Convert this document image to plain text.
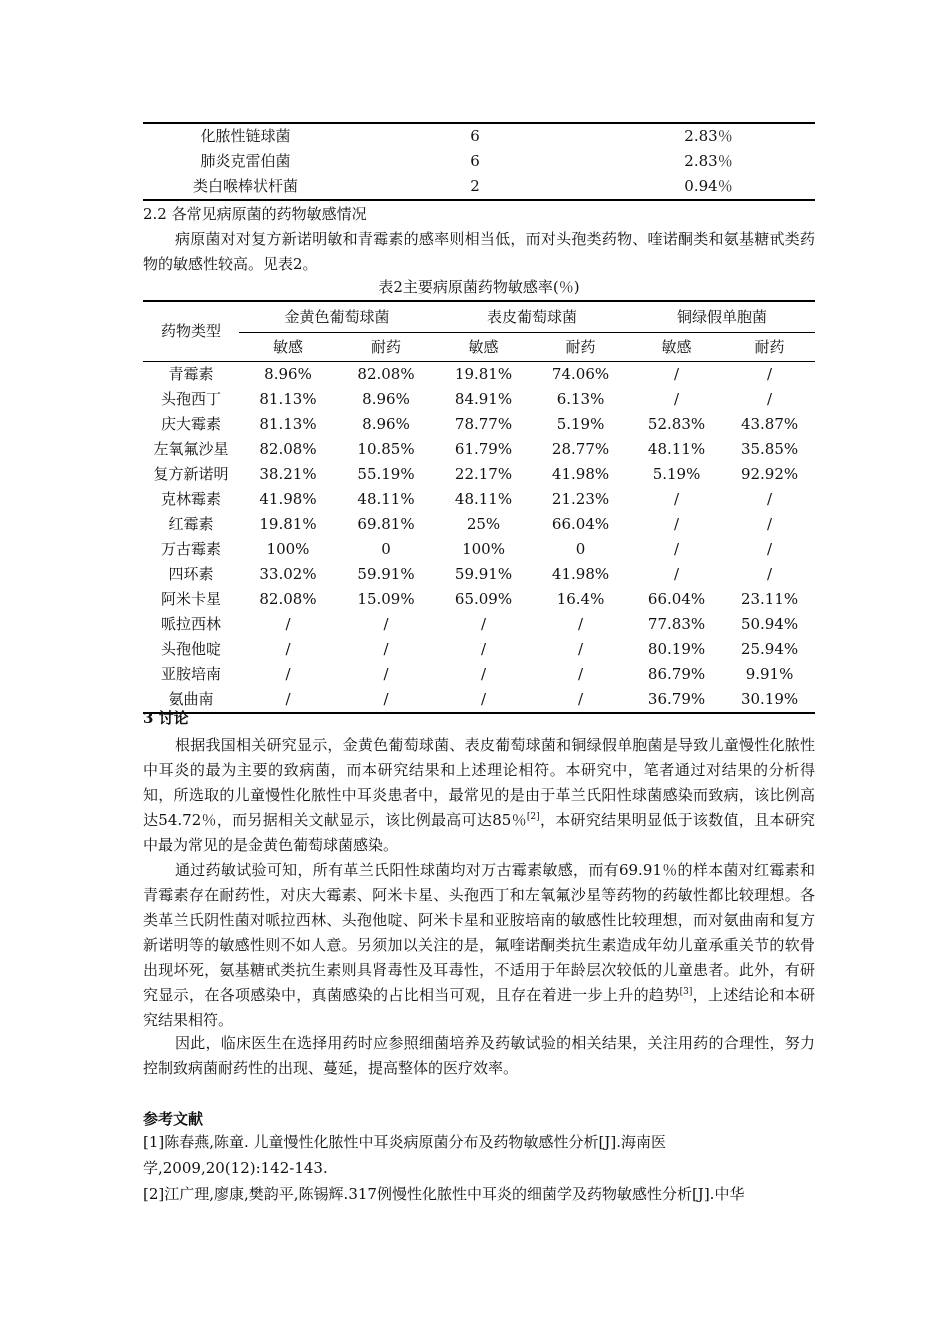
化脓性链球菌	6	2.83％
肺炎克雷伯菌	6	2.83％
类白喉棒状杆菌	2	0.94％
2.2 各常见病原菌的药物敏感情况
病原菌对对复方新诺明敏和青霉素的感率则相当低，而对头孢类药物、喹诺酮类和氨基糖甙类药物的敏感性较高。见表2。
表2主要病原菌药物敏感率(％)
药物类型	金黄色葡萄球菌		表皮葡萄球菌		铜绿假单胞菌	
	敏感	耐药	敏感	耐药	敏感	耐药
青霉素	8.96%	82.08%	19.81%	74.06%	/	/
头孢西丁	81.13%	8.96%	84.91%	6.13%	/	/
庆大霉素	81.13%	8.96%	78.77%	5.19%	52.83%	43.87%
左氧氟沙星	82.08%	10.85%	61.79%	28.77%	48.11%	35.85%
复方新诺明	38.21%	55.19%	22.17%	41.98%	5.19%	92.92%
克林霉素	41.98%	48.11%	48.11%	21.23%	/	/
红霉素	19.81%	69.81%	25%	66.04%	/	/
万古霉素	100%	0	100%	0	/	/
四环素	33.02%	59.91%	59.91%	41.98%	/	/
阿米卡星	82.08%	15.09%	65.09%	16.4%	66.04%	23.11%
哌拉西林	/	/	/	/	77.83%	50.94%
头孢他啶	/	/	/	/	80.19%	25.94%
亚胺培南	/	/	/	/	86.79%	9.91%
氨曲南	/	/	/	/	36.79%	30.19%
3 讨论
根据我国相关研究显示，金黄色葡萄球菌、表皮葡萄球菌和铜绿假单胞菌是导致儿童慢性化脓性中耳炎的最为主要的致病菌，而本研究结果和上述理论相符。本研究中，笔者通过对结果的分析得知，所选取的儿童慢性化脓性中耳炎患者中，最常见的是由于革兰氏阳性球菌感染而致病，该比例高达54.72％，而另据相关文献显示，该比例最高可达85％[2]，本研究结果明显低于该数值，且本研究中最为常见的是金黄色葡萄球菌感染。
通过药敏试验可知，所有革兰氏阳性球菌均对万古霉素敏感，而有69.91％的样本菌对红霉素和青霉素存在耐药性，对庆大霉素、阿米卡星、头孢西丁和左氧氟沙星等药物的药敏性都比较理想。各类革兰氏阴性菌对哌拉西林、头孢他啶、阿米卡星和亚胺培南的敏感性比较理想，而对氨曲南和复方新诺明等的敏感性则不如人意。另须加以关注的是，氟喹诺酮类抗生素造成年幼儿童承重关节的软骨出现坏死，氨基糖甙类抗生素则具肾毒性及耳毒性，不适用于年龄层次较低的儿童患者。此外，有研究显示，在各项感染中，真菌感染的占比相当可观，且存在着进一步上升的趋势[3]，上述结论和本研究结果相符。
因此，临床医生在选择用药时应参照细菌培养及药敏试验的相关结果，关注用药的合理性，努力控制致病菌耐药性的出现、蔓延，提高整体的医疗效率。
参考文献
[1]陈春燕,陈童. 儿童慢性化脓性中耳炎病原菌分布及药物敏感性分析[J].海南医
学,2009,20(12):142-143.
[2]江广理,廖康,樊韵平,陈锡辉.317例慢性化脓性中耳炎的细菌学及药物敏感性分析[J].中华
